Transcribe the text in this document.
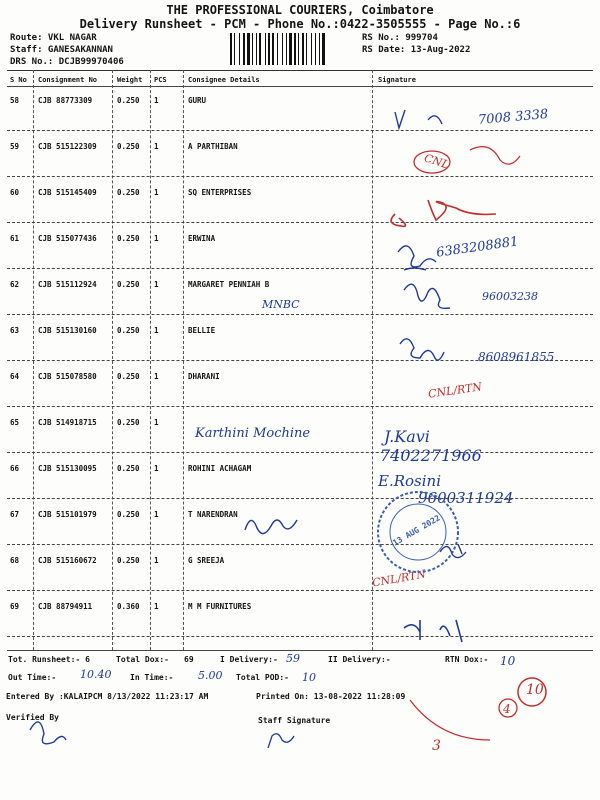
THE PROFESSIONAL COURIERS, Coimbatore
Delivery Runsheet - PCM - Phone No.:0422-3505555 - Page No.:6
Route: VKL NAGAR
Staff: GANESAKANNAN
DRS No.: DCJB99970406
RS No.: 999704
RS Date: 13-Aug-2022
S No Consignment No	Weight PCS	Consignee Details	Signature
58	CJB 88773309	0.250 1	GURU
59	CJB 515122309	0.250 1	A PARTHIBAN
60	CJB 515145409	0.250 1	SQ ENTERPRISES
61	CJB 515077436	0.250 1	ERWINA
62	CJB 515112924	0.250 1	MARGARET PENNIAH B
63	CJB 515130160	0.250 1	BELLIE
64	CJB 515078580	0.250 1	DHARANI
65	CJB 514918715	0.250 1
66	CJB 515130095	0.250 1	ROHINI ACHAGAM
67	CJB 515101979	0.250 1	T NARENDRAN
68	CJB 515160672	0.250 1	G SREEJA
69	CJB 88794911	0.360 1	M M FURNITURES
Tot. Runsheet:- 6	Total Dox:- 69	I Delivery:-	II Delivery:-	RTN Dox:-
Out Time:-	In Time:-	Total POD:-
Entered By :KALAIPCM 8/13/2022 11:23:17 AM	Printed On: 13-08-2022 11:28:09
Verified By	Staff Signature
7008 3338
CNL
Karthini Mochine
MNBC
6383208881
96003238
8608961855
CNL/RTN
J.Kavi
7402271966
E.Rosini
9600311924
CNL/RTN
59	10
10.40	5.00	10
10
4
3
13 AUG 2022
